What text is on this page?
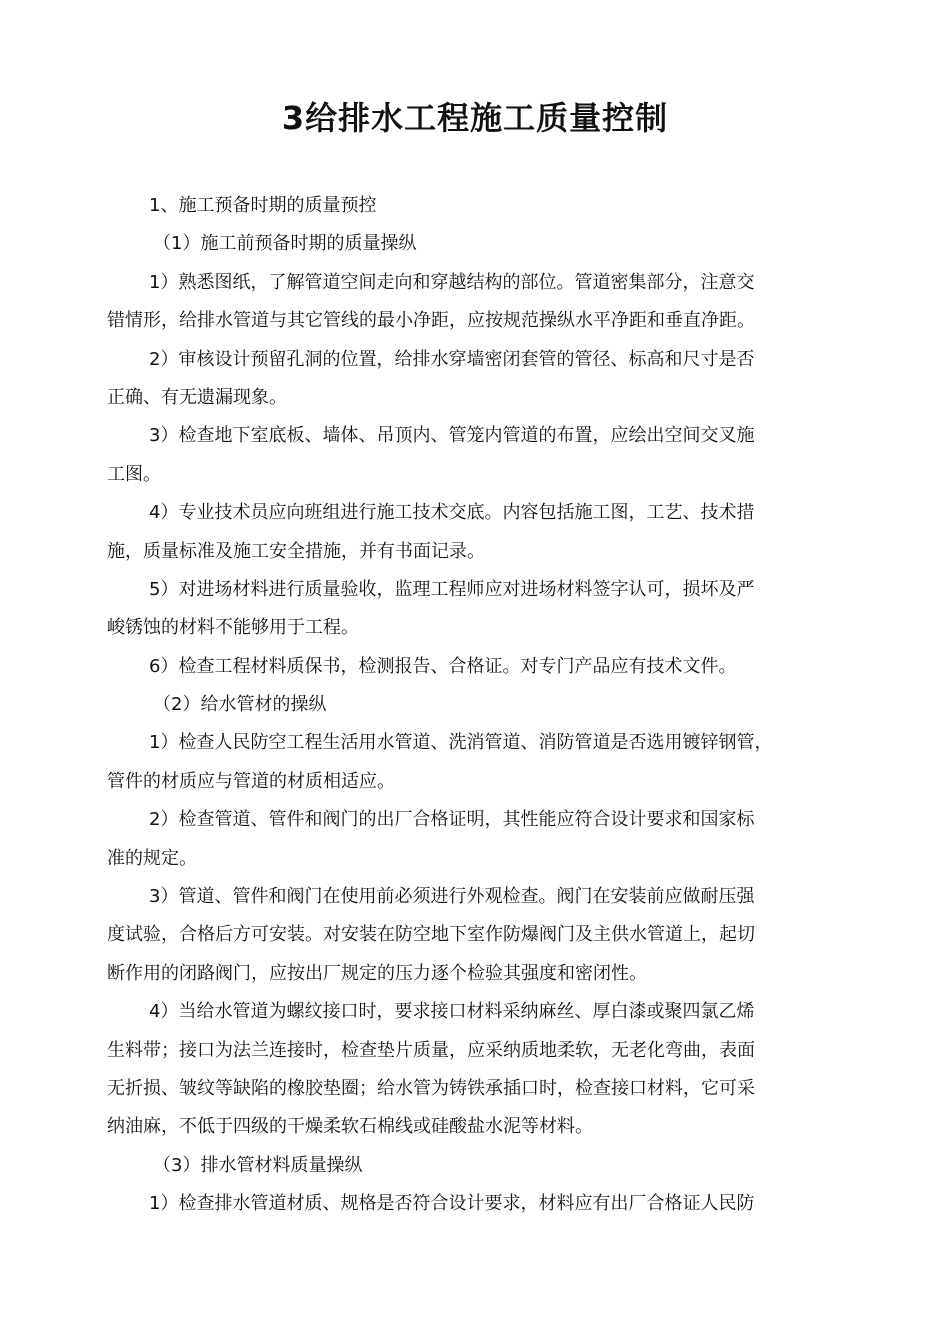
3给排水工程施工质量控制
1、施工预备时期的质量预控
（1）施工前预备时期的质量操纵
1）熟悉图纸，了解管道空间走向和穿越结构的部位。管道密集部分，注意交
错情形，给排水管道与其它管线的最小净距，应按规范操纵水平净距和垂直净距。
2）审核设计预留孔洞的位置，给排水穿墙密闭套管的管径、标高和尺寸是否
正确、有无遗漏现象。
3）检查地下室底板、墙体、吊顶内、管笼内管道的布置，应绘出空间交叉施
工图。
4）专业技术员应向班组进行施工技术交底。内容包括施工图，工艺、技术措
施，质量标准及施工安全措施，并有书面记录。
5）对进场材料进行质量验收，监理工程师应对进场材料签字认可，损坏及严
峻锈蚀的材料不能够用于工程。
6）检查工程材料质保书，检测报告、合格证。对专门产品应有技术文件。
（2）给水管材的操纵
1）检查人民防空工程生活用水管道、洗消管道、消防管道是否选用镀锌钢管，
管件的材质应与管道的材质相适应。
2）检查管道、管件和阀门的出厂合格证明，其性能应符合设计要求和国家标
准的规定。
3）管道、管件和阀门在使用前必须进行外观检查。阀门在安装前应做耐压强
度试验，合格后方可安装。对安装在防空地下室作防爆阀门及主供水管道上，起切
断作用的闭路阀门，应按出厂规定的压力逐个检验其强度和密闭性。
4）当给水管道为螺纹接口时，要求接口材料采纳麻丝、厚白漆或聚四氯乙烯
生料带；接口为法兰连接时，检查垫片质量，应采纳质地柔软，无老化弯曲，表面
无折损、皱纹等缺陷的橡胶垫圈；给水管为铸铁承插口时，检查接口材料，它可采
纳油麻，不低于四级的干燥柔软石棉线或硅酸盐水泥等材料。
（3）排水管材料质量操纵
1）检查排水管道材质、规格是否符合设计要求，材料应有出厂合格证人民防
